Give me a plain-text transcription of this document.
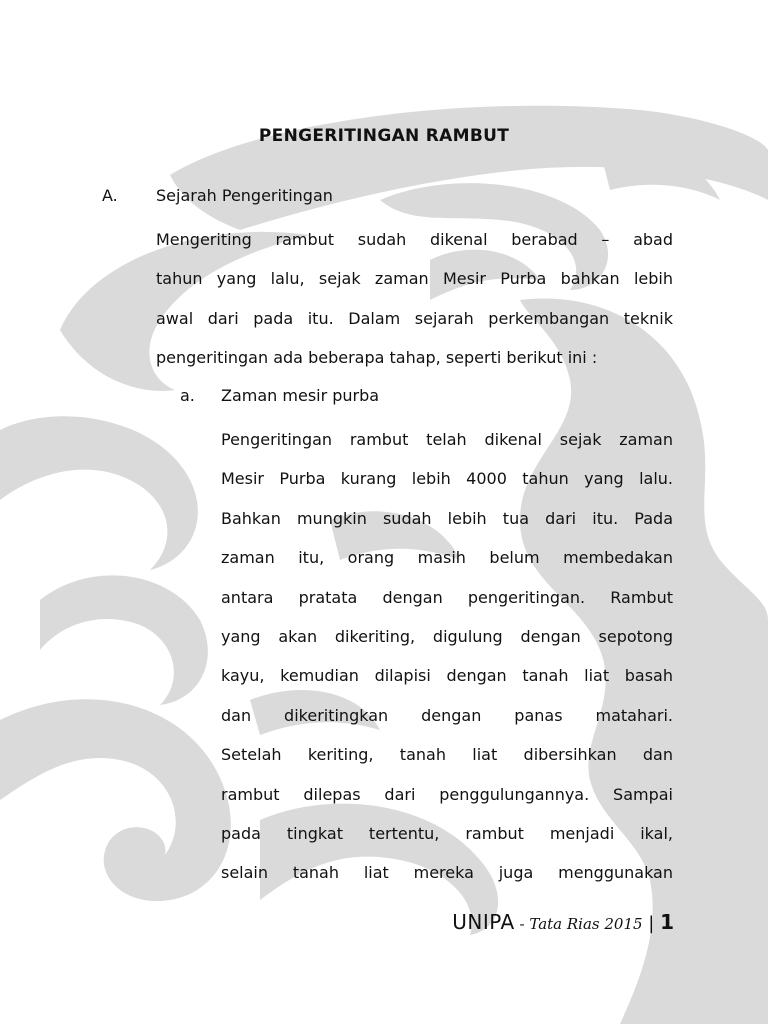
PENGERITINGAN RAMBUT

A. Sejarah Pengeritingan

Mengeriting rambut sudah dikenal berabad – abad
tahun yang lalu, sejak zaman Mesir Purba bahkan lebih
awal dari pada itu. Dalam sejarah perkembangan teknik
pengeritingan ada beberapa tahap, seperti berikut ini :

a. Zaman mesir purba

Pengeritingan rambut telah dikenal sejak zaman
Mesir Purba kurang lebih 4000 tahun yang lalu.
Bahkan mungkin sudah lebih tua dari itu. Pada
zaman itu, orang masih belum membedakan
antara pratata dengan pengeritingan. Rambut
yang akan dikeriting, digulung dengan sepotong
kayu, kemudian dilapisi dengan tanah liat basah
dan dikeritingkan dengan panas matahari.
Setelah keriting, tanah liat dibersihkan dan
rambut dilepas dari penggulungannya. Sampai
pada tingkat tertentu, rambut menjadi ikal,
selain tanah liat mereka juga menggunakan
UNIPA - Tata Rias 2015 | 1
